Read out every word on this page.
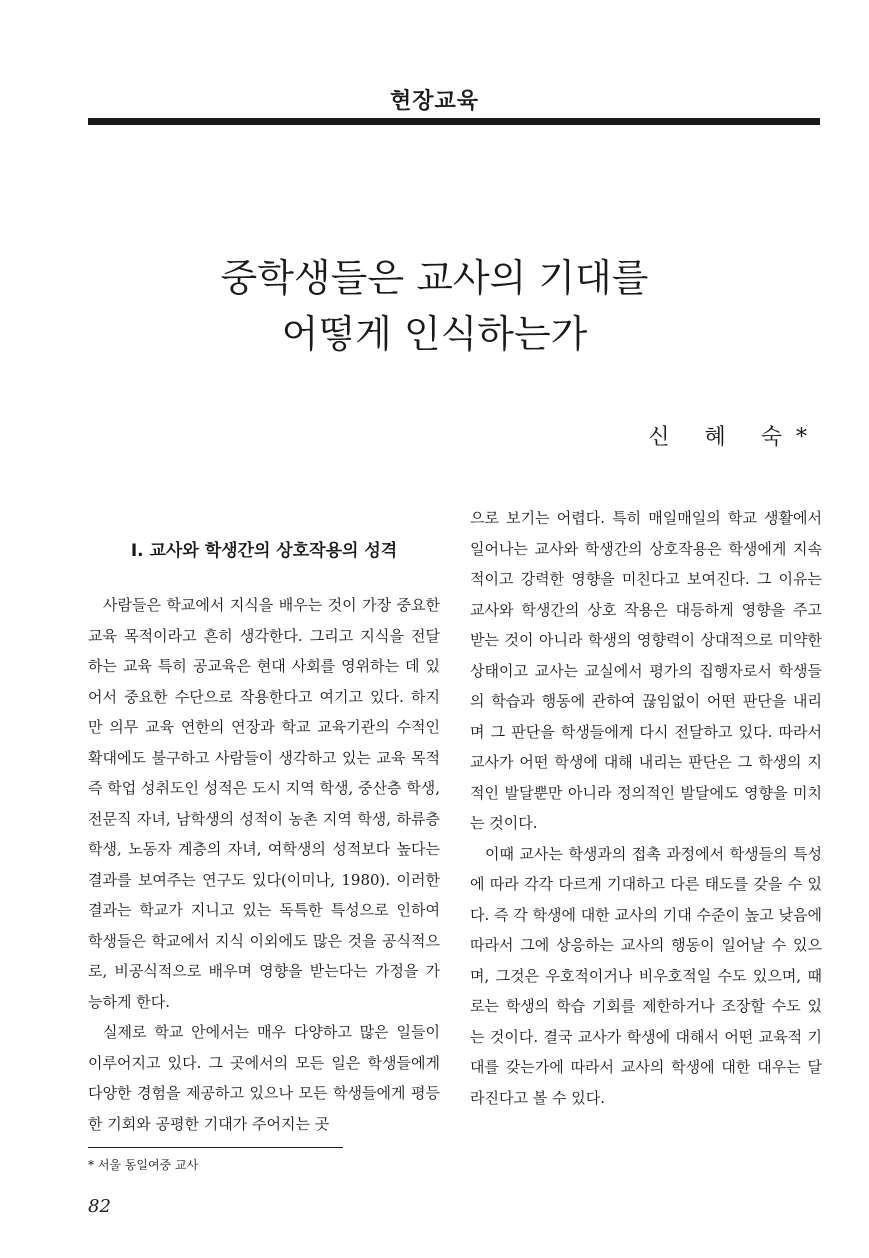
현장교육
중학생들은 교사의 기대를
어떻게 인식하는가
신 혜 숙*
Ⅰ. 교사와 학생간의 상호작용의 성격

사람들은 학교에서 지식을 배우는 것이 가장 중요한 교육 목적이라고 흔히 생각한다. 그리고 지식을 전달하는 교육 특히 공교육은 현대 사회를 영위하는 데 있어서 중요한 수단으로 작용한다고 여기고 있다. 하지만 의무 교육 연한의 연장과 학교 교육기관의 수적인 확대에도 불구하고 사람들이 생각하고 있는 교육 목적 즉 학업 성취도인 성적은 도시 지역 학생, 중산층 학생, 전문직 자녀, 남학생의 성적이 농촌 지역 학생, 하류층 학생, 노동자 계층의 자녀, 여학생의 성적보다 높다는 결과를 보여주는 연구도 있다(이미나, 1980). 이러한 결과는 학교가 지니고 있는 독특한 특성으로 인하여 학생들은 학교에서 지식 이외에도 많은 것을 공식적으로, 비공식적으로 배우며 영향을 받는다는 가정을 가능하게 한다.

실제로 학교 안에서는 매우 다양하고 많은 일들이 이루어지고 있다. 그 곳에서의 모든 일은 학생들에게 다양한 경험을 제공하고 있으나 모든 학생들에게 평등한 기회와 공평한 기대가 주어지는 곳

으로 보기는 어렵다. 특히 매일매일의 학교 생활에서 일어나는 교사와 학생간의 상호작용은 학생에게 지속적이고 강력한 영향을 미친다고 보여진다. 그 이유는 교사와 학생간의 상호 작용은 대등하게 영향을 주고 받는 것이 아니라 학생의 영향력이 상대적으로 미약한 상태이고 교사는 교실에서 평가의 집행자로서 학생들의 학습과 행동에 관하여 끊임없이 어떤 판단을 내리며 그 판단을 학생들에게 다시 전달하고 있다. 따라서 교사가 어떤 학생에 대해 내리는 판단은 그 학생의 지적인 발달뿐만 아니라 정의적인 발달에도 영향을 미치는 것이다.

이때 교사는 학생과의 접촉 과정에서 학생들의 특성에 따라 각각 다르게 기대하고 다른 태도를 갖을 수 있다. 즉 각 학생에 대한 교사의 기대 수준이 높고 낮음에 따라서 그에 상응하는 교사의 행동이 일어날 수 있으며, 그것은 우호적이거나 비우호적일 수도 있으며, 때로는 학생의 학습 기회를 제한하거나 조장할 수도 있는 것이다. 결국 교사가 학생에 대해서 어떤 교육적 기대를 갖는가에 따라서 교사의 학생에 대한 대우는 달라진다고 볼 수 있다.

* 서울 동일여중 교사
82
